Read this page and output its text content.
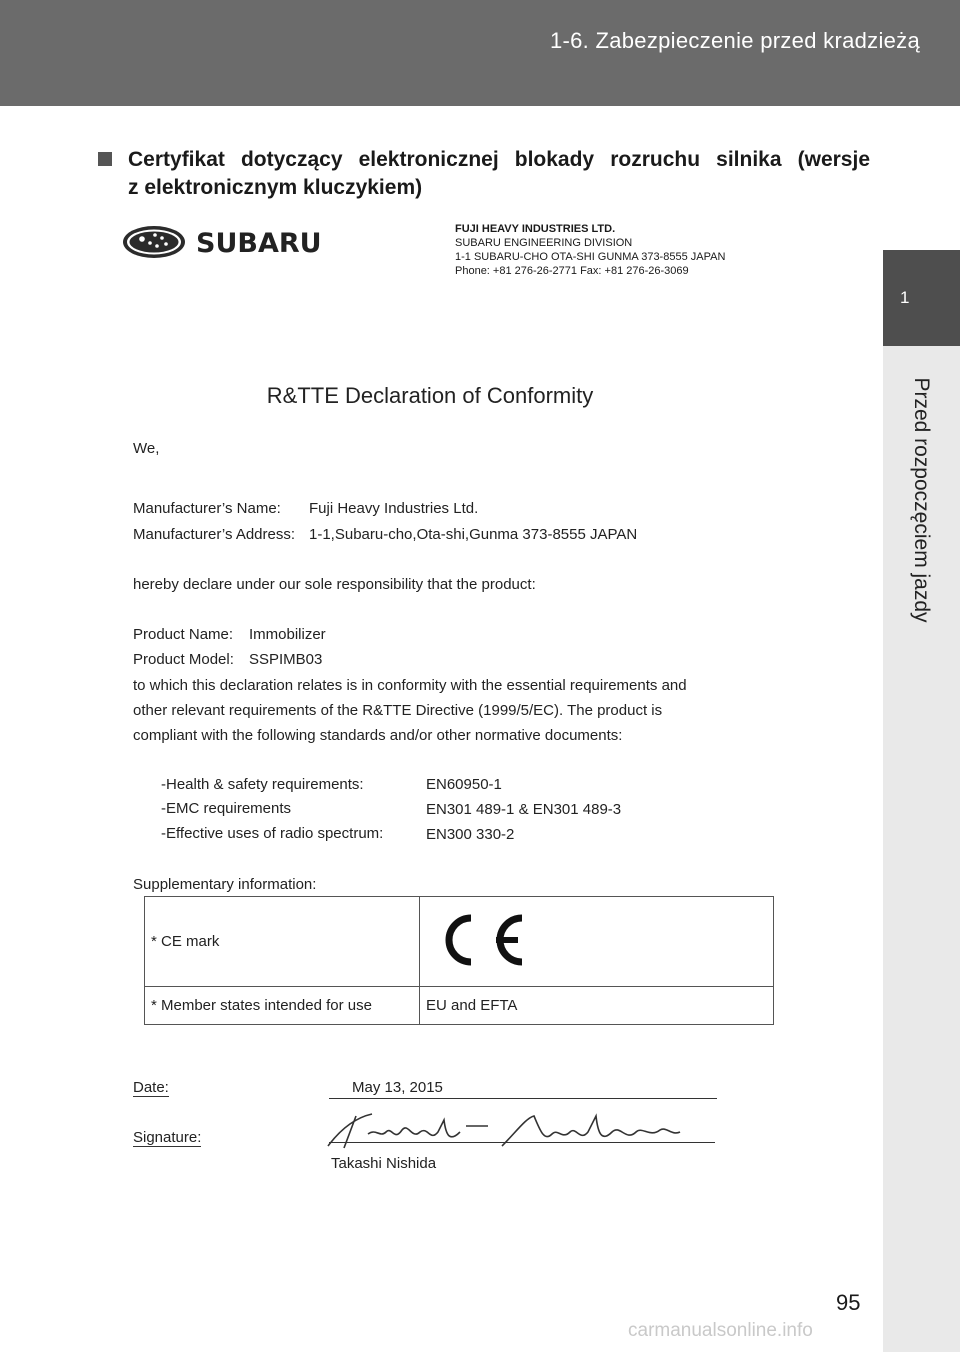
1-6. Zabezpieczenie przed kradzieżą
1
Przed rozpoczęciem jazdy
Certyfikat dotyczący elektronicznej blokady rozruchu silnika (wersje
z elektronicznym kluczykiem)
SUBARU	FUJI HEAVY INDUSTRIES LTD.
SUBARU ENGINEERING DIVISION
1-1 SUBARU-CHO OTA-SHI GUNMA 373-8555 JAPAN
Phone: +81 276-26-2771 Fax: +81 276-26-3069
R&TTE Declaration of Conformity
We,
Manufacturer’s Name: Fuji Heavy Industries Ltd.
Manufacturer’s Address: 1-1,Subaru-cho,Ota-shi,Gunma 373-8555 JAPAN
hereby declare under our sole responsibility that the product:
Product Name: Immobilizer
Product Model: SSPIMB03
to which this declaration relates is in conformity with the essential requirements and
other relevant requirements of the R&TTE Directive (1999/5/EC). The product is
compliant with the following standards and/or other normative documents:
-Health & safety requirements:	EN60950-1
-EMC requirements	EN301 489-1 & EN301 489-3
-Effective uses of radio spectrum:	EN300 330-2
Supplementary information:
* CE mark	
* Member states intended for use	EU and EFTA
Date:	May 13, 2015
Signature:
Takashi Nishida
95
carmanualsonline.info
